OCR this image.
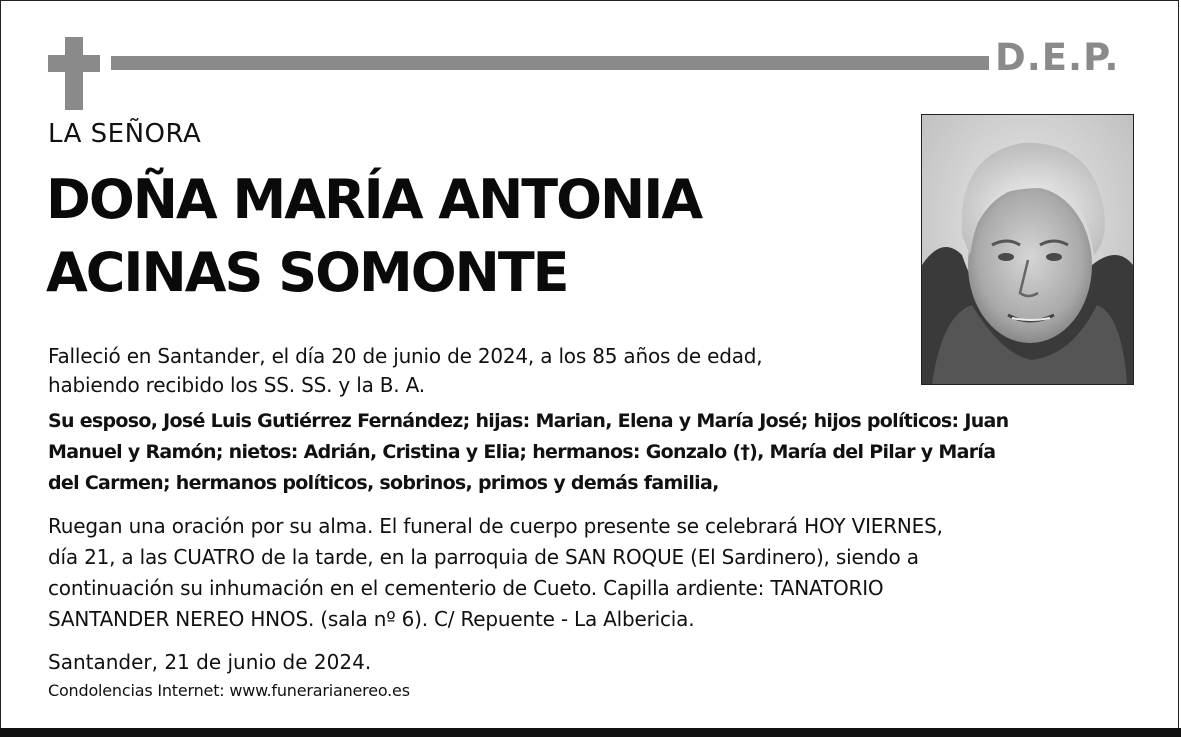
D.E.P.
LA SEÑORA
DOÑA MARÍA ANTONIA
ACINAS SOMONTE
Falleció en Santander, el día 20 de junio de 2024, a los 85 años de edad,
habiendo recibido los SS. SS. y la B. A.
Su esposo, José Luis Gutiérrez Fernández; hijas: Marian, Elena y María José; hijos políticos: Juan
Manuel y Ramón; nietos: Adrián, Cristina y Elia; hermanos: Gonzalo (†), María del Pilar y María
del Carmen; hermanos políticos, sobrinos, primos y demás familia,
Ruegan una oración por su alma. El funeral de cuerpo presente se celebrará HOY VIERNES,
día 21, a las CUATRO de la tarde, en la parroquia de SAN ROQUE (El Sardinero), siendo a
continuación su inhumación en el cementerio de Cueto. Capilla ardiente: TANATORIO
SANTANDER NEREO HNOS. (sala nº 6). C/ Repuente - La Albericia.
Santander, 21 de junio de 2024.
Condolencias Internet: www.funerarianereo.es
